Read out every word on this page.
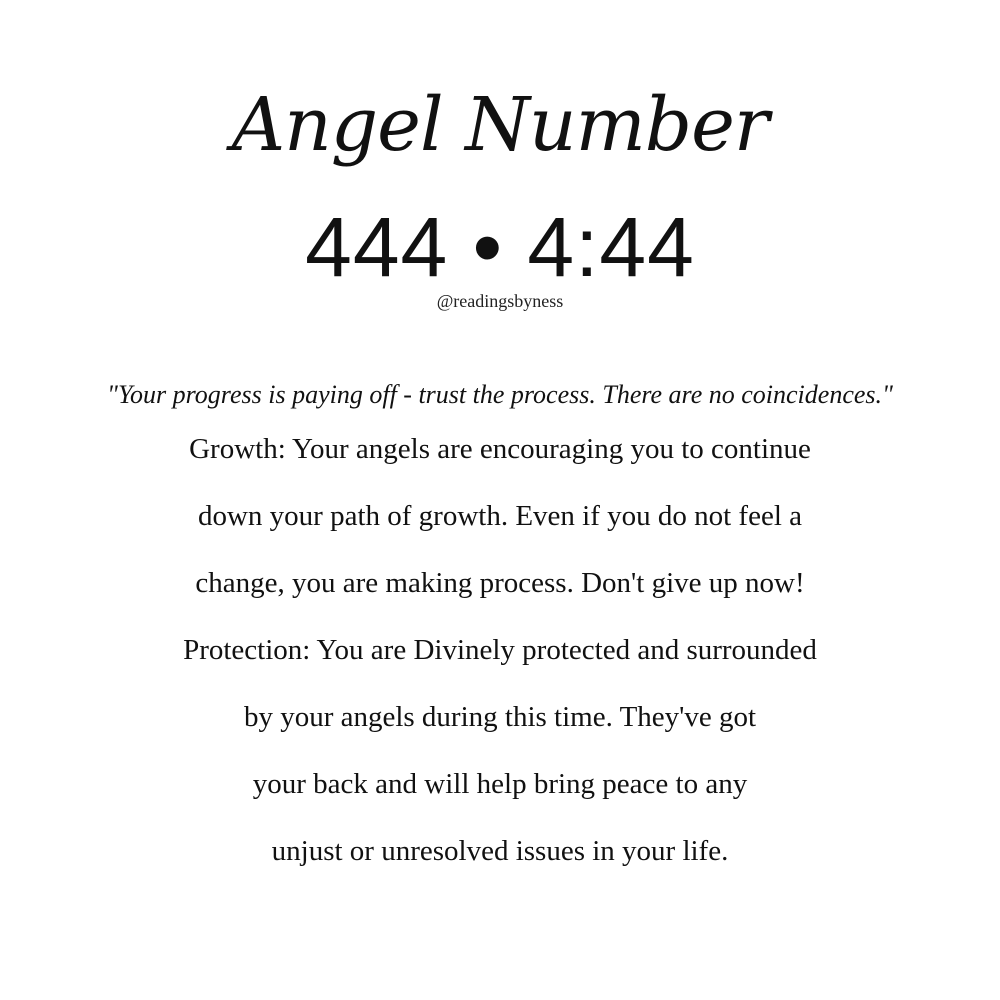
Angel Number
444 • 4:44
@readingsbyness
"Your progress is paying off - trust the process. There are no coincidences."
Growth: Your angels are encouraging you to continue
down your path of growth. Even if you do not feel a
change, you are making process. Don't give up now!
Protection: You are Divinely protected and surrounded
by your angels during this time. They've got
your back and will help bring peace to any
unjust or unresolved issues in your life.
